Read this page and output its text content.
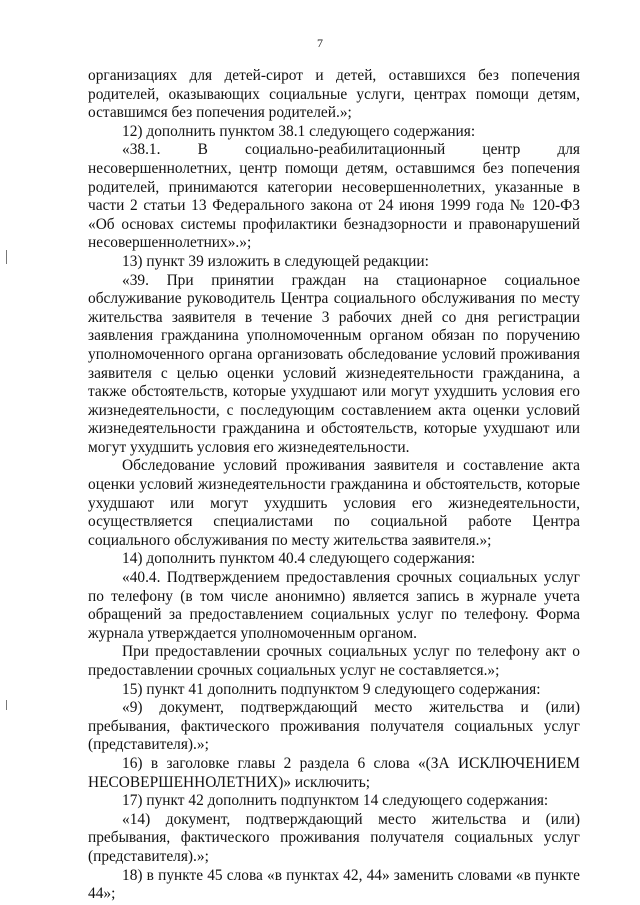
7

организациях для детей-сирот и детей, оставшихся без попечения родителей, оказывающих социальные услуги, центрах помощи детям, оставшимся без попечения родителей.»;

12) дополнить пунктом 38.1 следующего содержания:

«38.1. В социально-реабилитационный центр для несовершеннолетних, центр помощи детям, оставшимся без попечения родителей, принимаются категории несовершеннолетних, указанные в части 2 статьи 13 Федерального закона от 24 июня 1999 года № 120-ФЗ «Об основах системы профилактики безнадзорности и правонарушений несовершеннолетних».»;

13) пункт 39 изложить в следующей редакции:

«39. При принятии граждан на стационарное социальное обслуживание руководитель Центра социального обслуживания по месту жительства заявителя в течение 3 рабочих дней со дня регистрации заявления гражданина уполномоченным органом обязан по поручению уполномоченного органа организовать обследование условий проживания заявителя с целью оценки условий жизнедеятельности гражданина, а также обстоятельств, которые ухудшают или могут ухудшить условия его жизнедеятельности, с последующим составлением акта оценки условий жизнедеятельности гражданина и обстоятельств, которые ухудшают или могут ухудшить условия его жизнедеятельности.

Обследование условий проживания заявителя и составление акта оценки условий жизнедеятельности гражданина и обстоятельств, которые ухудшают или могут ухудшить условия его жизнедеятельности, осуществляется специалистами по социальной работе Центра социального обслуживания по месту жительства заявителя.»;

14) дополнить пунктом 40.4 следующего содержания:

«40.4. Подтверждением предоставления срочных социальных услуг по телефону (в том числе анонимно) является запись в журнале учета обращений за предоставлением социальных услуг по телефону. Форма журнала утверждается уполномоченным органом.

При предоставлении срочных социальных услуг по телефону акт о предоставлении срочных социальных услуг не составляется.»;

15) пункт 41 дополнить подпунктом 9 следующего содержания:

«9) документ, подтверждающий место жительства и (или) пребывания, фактического проживания получателя социальных услуг (представителя).»;

16) в заголовке главы 2 раздела 6 слова «(ЗА ИСКЛЮЧЕНИЕМ НЕСОВЕРШЕННОЛЕТНИХ)» исключить;

17) пункт 42 дополнить подпунктом 14 следующего содержания:

«14) документ, подтверждающий место жительства и (или) пребывания, фактического проживания получателя социальных услуг (представителя).»;

18) в пункте 45 слова «в пунктах 42, 44» заменить словами «в пункте 44»;
